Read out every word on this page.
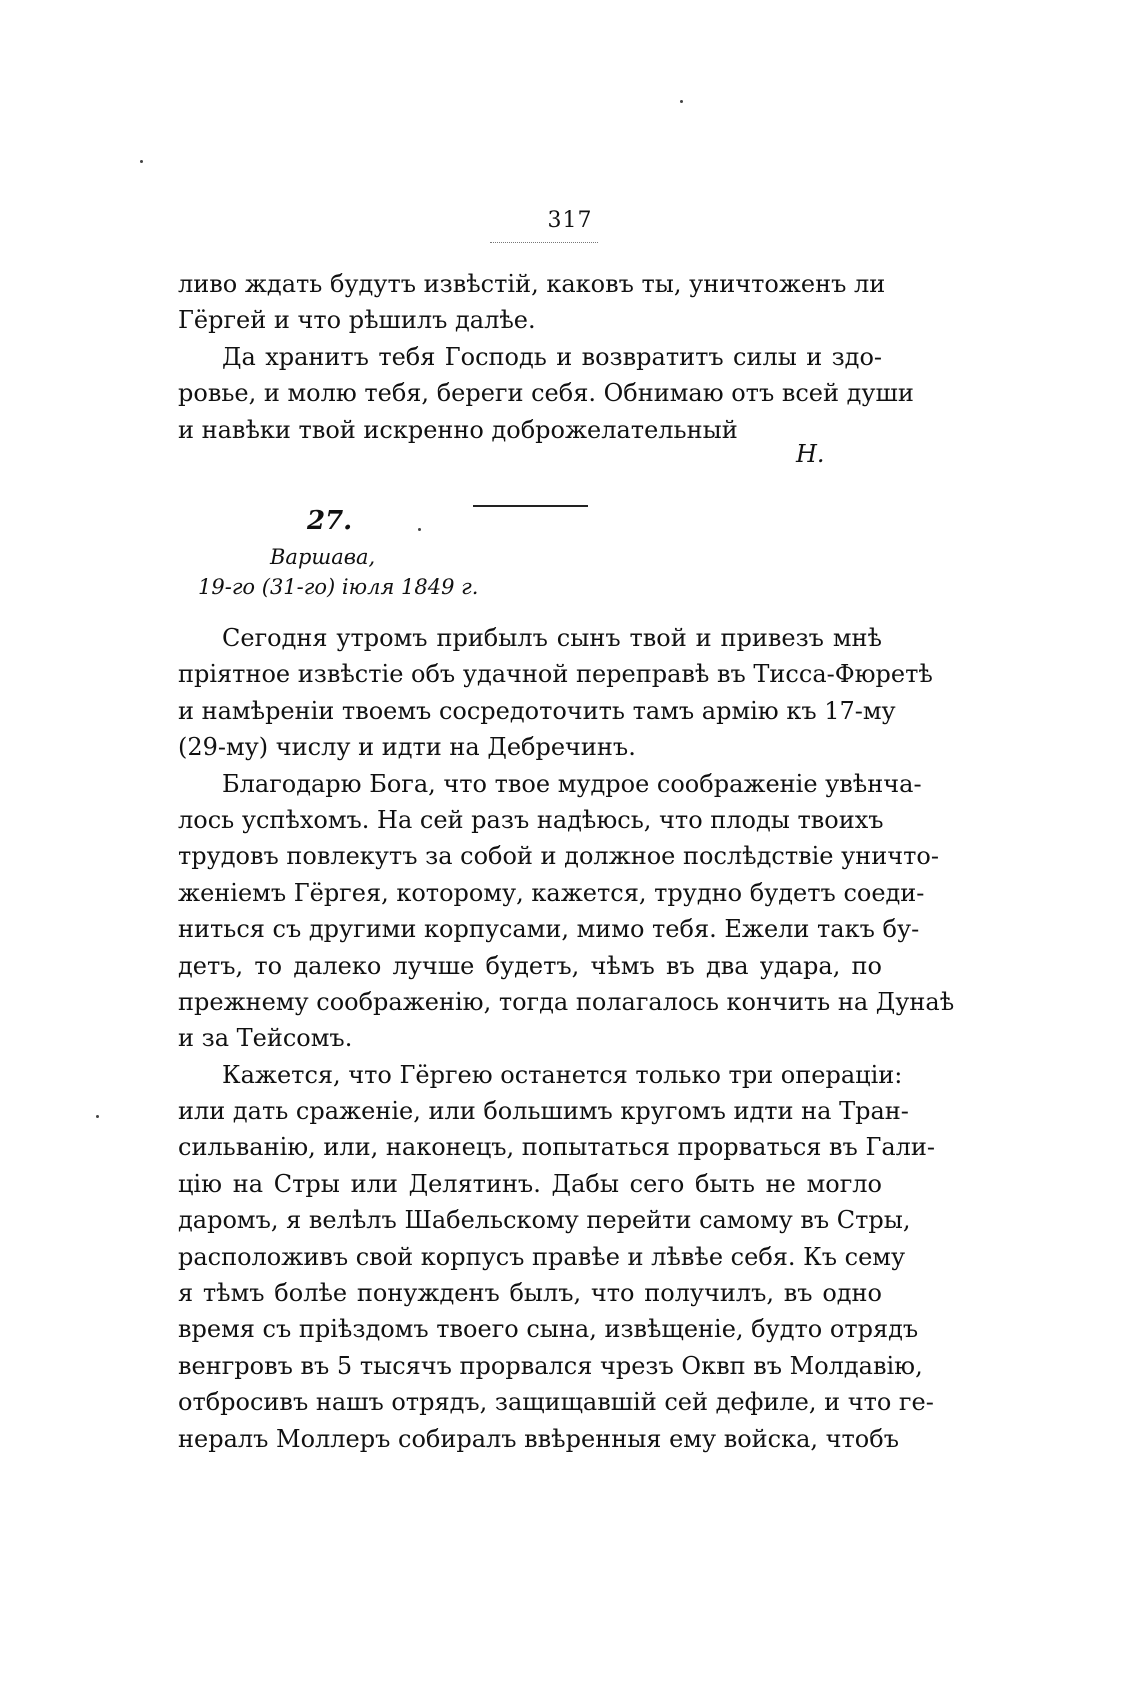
317
ливо ждать будутъ извѣстій, каковъ ты, уничтоженъ ли
Гёргей и что рѣшилъ далѣе.
Да хранитъ тебя Господь и возвратитъ силы и здо-
ровье, и молю тебя, береги себя. Обнимаю отъ всей души
и навѣки твой искренно доброжелательный
Н.
27.
Варшава,
19-го (31-го) іюля 1849 г.
Сегодня утромъ прибылъ сынъ твой и привезъ мнѣ
пріятное извѣстіе объ удачной переправѣ въ Тисса-Фюретѣ
и намѣреніи твоемъ сосредоточить тамъ армію къ 17-му
(29-му) числу и идти на Дебречинъ.
Благодарю Бога, что твое мудрое соображеніе увѣнча-
лось успѣхомъ. На сей разъ надѣюсь, что плоды твоихъ
трудовъ повлекутъ за собой и должное послѣдствіе уничто-
женіемъ Гёргея, которому, кажется, трудно будетъ соеди-
ниться съ другими корпусами, мимо тебя. Ежели такъ бу-
детъ, то далеко лучше будетъ, чѣмъ въ два удара, по
прежнему соображенію, тогда полагалось кончить на Дунаѣ
и за Тейсомъ.
Кажется, что Гёргею останется только три операціи:
или дать сраженіе, или большимъ кругомъ идти на Тран-
сильванію, или, наконецъ, попытаться прорваться въ Гали-
цію на Стры или Делятинъ. Дабы сего быть не могло
даромъ, я велѣлъ Шабельскому перейти самому въ Стры,
расположивъ свой корпусъ правѣе и лѣвѣе себя. Къ сему
я тѣмъ болѣе понужденъ былъ, что получилъ, въ одно
время съ пріѣздомъ твоего сына, извѣщеніе, будто отрядъ
венгровъ въ 5 тысячъ прорвался чрезъ Оквп въ Молдавію,
отбросивъ нашъ отрядъ, защищавшій сей дефиле, и что ге-
нералъ Моллеръ собиралъ ввѣренныя ему войска, чтобъ
